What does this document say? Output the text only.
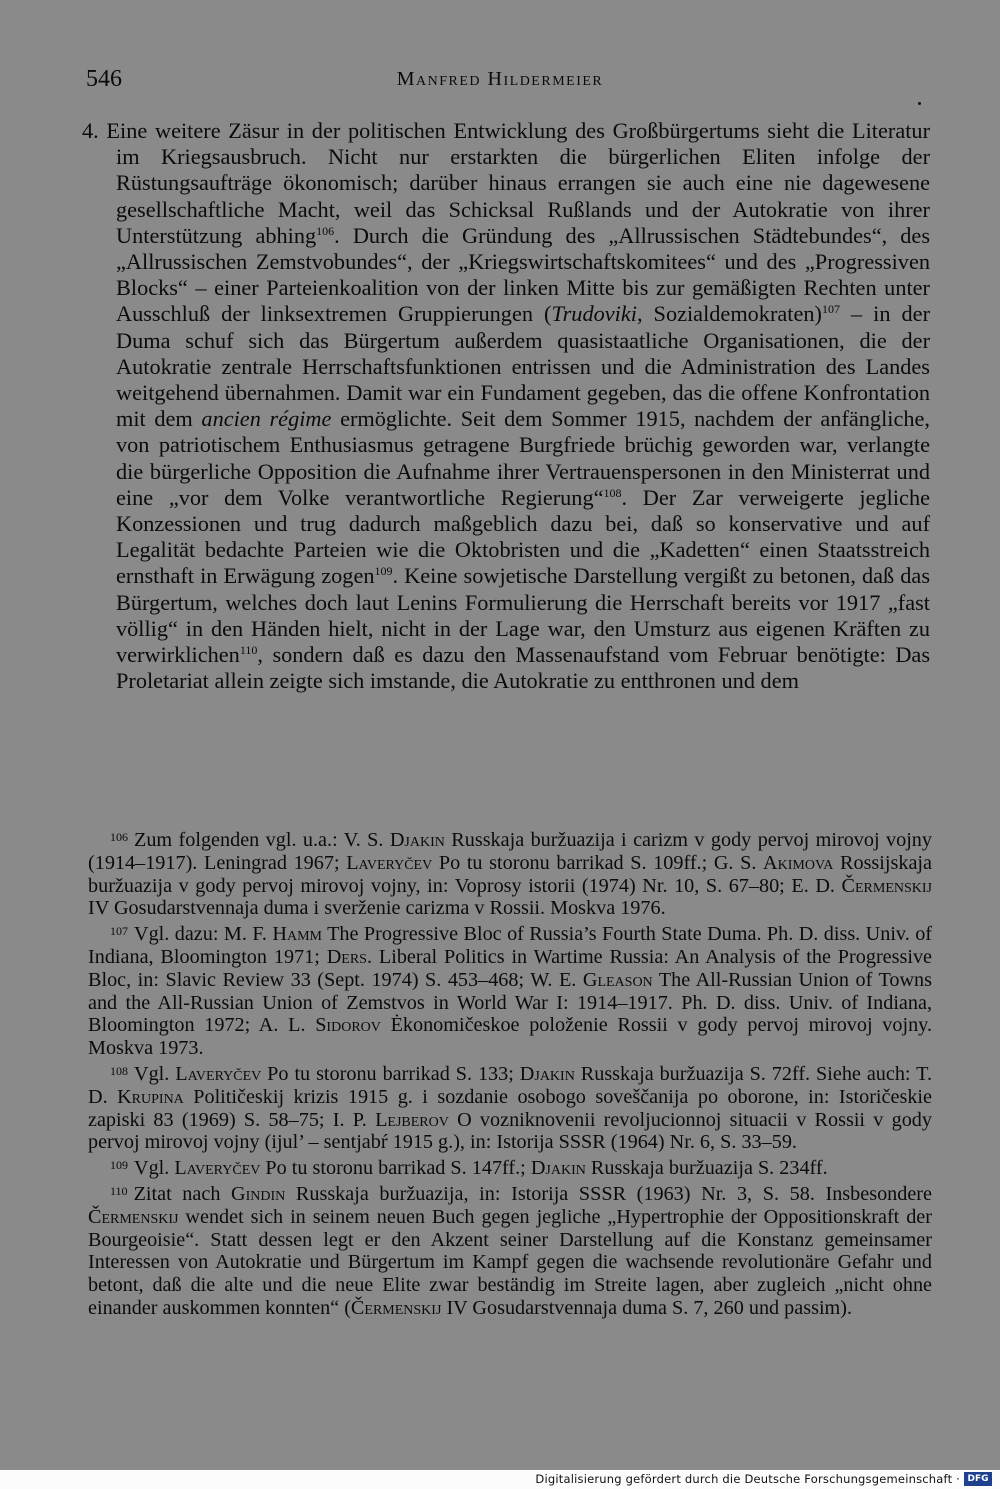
546	Manfred Hildermeier

4. Eine weitere Zäsur in der politischen Entwicklung des Großbürgertums sieht die Literatur im Kriegsausbruch. Nicht nur erstarkten die bürgerlichen Eliten infolge der Rüstungsaufträge ökonomisch; darüber hinaus errangen sie auch eine nie dagewesene gesellschaftliche Macht, weil das Schicksal Rußlands und der Autokratie von ihrer Unterstützung abhing$^{106}$. Durch die Gründung des „Allrussischen Städtebundes“, des „Allrussischen Zemstvobundes“, der „Kriegswirtschaftskomitees“ und des „Progressiven Blocks“ – einer Parteienkoalition von der linken Mitte bis zur gemäßigten Rechten unter Ausschluß der linksextremen Gruppierungen (Trudoviki, Sozialdemokraten)$^{107}$ – in der Duma schuf sich das Bürgertum außerdem quasistaatliche Organisationen, die der Autokratie zentrale Herrschaftsfunktionen entrissen und die Administration des Landes weitgehend übernahmen. Damit war ein Fundament gegeben, das die offene Konfrontation mit dem ancien régime ermöglichte. Seit dem Sommer 1915, nachdem der anfängliche, von patriotischem Enthusiasmus getragene Burgfriede brüchig geworden war, verlangte die bürgerliche Opposition die Aufnahme ihrer Vertrauenspersonen in den Ministerrat und eine „vor dem Volke verantwortliche Regierung“$^{108}$. Der Zar verweigerte jegliche Konzessionen und trug dadurch maßgeblich dazu bei, daß so konservative und auf Legalität bedachte Parteien wie die Oktobristen und die „Kadetten“ einen Staatsstreich ernsthaft in Erwägung zogen$^{109}$. Keine sowjetische Darstellung vergißt zu betonen, daß das Bürgertum, welches doch laut Lenins Formulierung die Herrschaft bereits vor 1917 „fast völlig“ in den Händen hielt, nicht in der Lage war, den Umsturz aus eigenen Kräften zu verwirklichen$^{110}$, sondern daß es dazu den Massenaufstand vom Februar benötigte: Das Proletariat allein zeigte sich imstande, die Autokratie zu entthronen und dem

$^{106}$ Zum folgenden vgl. u.a.: V. S. Djakin Russkaja buržuazija i carizm v gody pervoj mirovoj vojny (1914–1917). Leningrad 1967; Laveryčev Po tu storonu barrikad S. 109ff.; G. S. Akimova Rossijskaja buržuazija v gody pervoj mirovoj vojny, in: Voprosy istorii (1974) Nr. 10, S. 67–80; E. D. Čermenskij IV Gosudarstvennaja duma i sverženie carizma v Rossii. Moskva 1976.

$^{107}$ Vgl. dazu: M. F. Hamm The Progressive Bloc of Russia’s Fourth State Duma. Ph. D. diss. Univ. of Indiana, Bloomington 1971; Ders. Liberal Politics in Wartime Russia: An Analysis of the Progressive Bloc, in: Slavic Review 33 (Sept. 1974) S. 453–468; W. E. Gleason The All-Russian Union of Towns and the All-Russian Union of Zemstvos in World War I: 1914–1917. Ph. D. diss. Univ. of Indiana, Bloomington 1972; A. L. Sidorov Ėkonomičeskoe položenie Rossii v gody pervoj mirovoj vojny. Moskva 1973.

$^{108}$ Vgl. Laveryčev Po tu storonu barrikad S. 133; Djakin Russkaja buržuazija S. 72ff. Siehe auch: T. D. Krupina Političeskij krizis 1915 g. i sozdanie osobogo soveščanija po oborone, in: Istoričeskie zapiski 83 (1969) S. 58–75; I. P. Lejberov O vozniknovenii revoljucionnoj situacii v Rossii v gody pervoj mirovoj vojny (ijul’ – sentjabŕ 1915 g.), in: Istorija SSSR (1964) Nr. 6, S. 33–59.

$^{109}$ Vgl. Laveryčev Po tu storonu barrikad S. 147ff.; Djakin Russkaja buržuazija S. 234ff.

$^{110}$ Zitat nach Gindin Russkaja buržuazija, in: Istorija SSSR (1963) Nr. 3, S. 58. Insbesondere Čermenskij wendet sich in seinem neuen Buch gegen jegliche „Hypertrophie der Oppositionskraft der Bourgeoisie“. Statt dessen legt er den Akzent seiner Darstellung auf die Konstanz gemeinsamer Interessen von Autokratie und Bürgertum im Kampf gegen die wachsende revolutionäre Gefahr und betont, daß die alte und die neue Elite zwar beständig im Streite lagen, aber zugleich „nicht ohne einander auskommen konnten“ (Čermenskij IV Gosudarstvennaja duma S. 7, 260 und passim).

Digitalisierung gefördert durch die Deutsche Forschungsgemeinschaft · DFG
